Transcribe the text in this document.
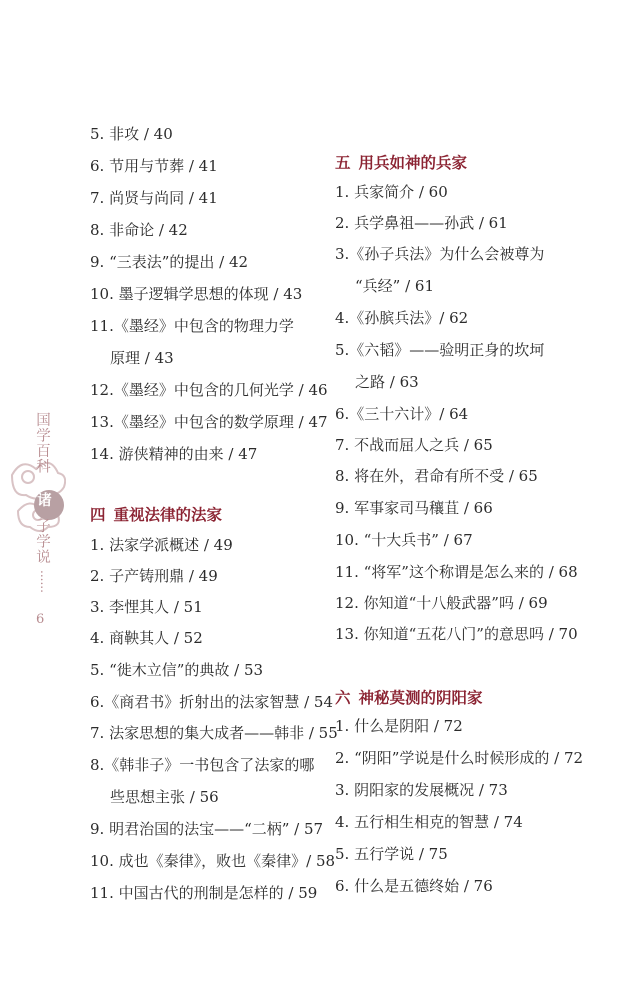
国学百科
诸
子学说
......
6
5. 非攻 / 40
6. 节用与节葬 / 41
7. 尚贤与尚同 / 41
8. 非命论 / 42
9. “三表法”的提出 / 42
10. 墨子逻辑学思想的体现 / 43
11.《墨经》中包含的物理力学
原理 / 43
12.《墨经》中包含的几何光学 / 46
13.《墨经》中包含的数学原理 / 47
14. 游侠精神的由来 / 47
四 重视法律的法家
1. 法家学派概述 / 49
2. 子产铸刑鼎 / 49
3. 李悝其人 / 51
4. 商鞅其人 / 52
5. “徙木立信”的典故 / 53
6.《商君书》折射出的法家智慧 / 54
7. 法家思想的集大成者——韩非 / 55
8.《韩非子》一书包含了法家的哪
些思想主张 / 56
9. 明君治国的法宝——“二柄” / 57
10. 成也《秦律》，败也《秦律》/ 58
11. 中国古代的刑制是怎样的 / 59
五 用兵如神的兵家
1. 兵家简介 / 60
2. 兵学鼻祖——孙武 / 61
3.《孙子兵法》为什么会被尊为
“兵经” / 61
4.《孙膑兵法》/ 62
5.《六韬》——验明正身的坎坷
之路 / 63
6.《三十六计》/ 64
7. 不战而屈人之兵 / 65
8. 将在外，君命有所不受 / 65
9. 军事家司马穰苴 / 66
10. “十大兵书” / 67
11. “将军”这个称谓是怎么来的 / 68
12. 你知道“十八般武器”吗 / 69
13. 你知道“五花八门”的意思吗 / 70
六 神秘莫测的阴阳家
1. 什么是阴阳 / 72
2. “阴阳”学说是什么时候形成的 / 72
3. 阴阳家的发展概况 / 73
4. 五行相生相克的智慧 / 74
5. 五行学说 / 75
6. 什么是五德终始 / 76
